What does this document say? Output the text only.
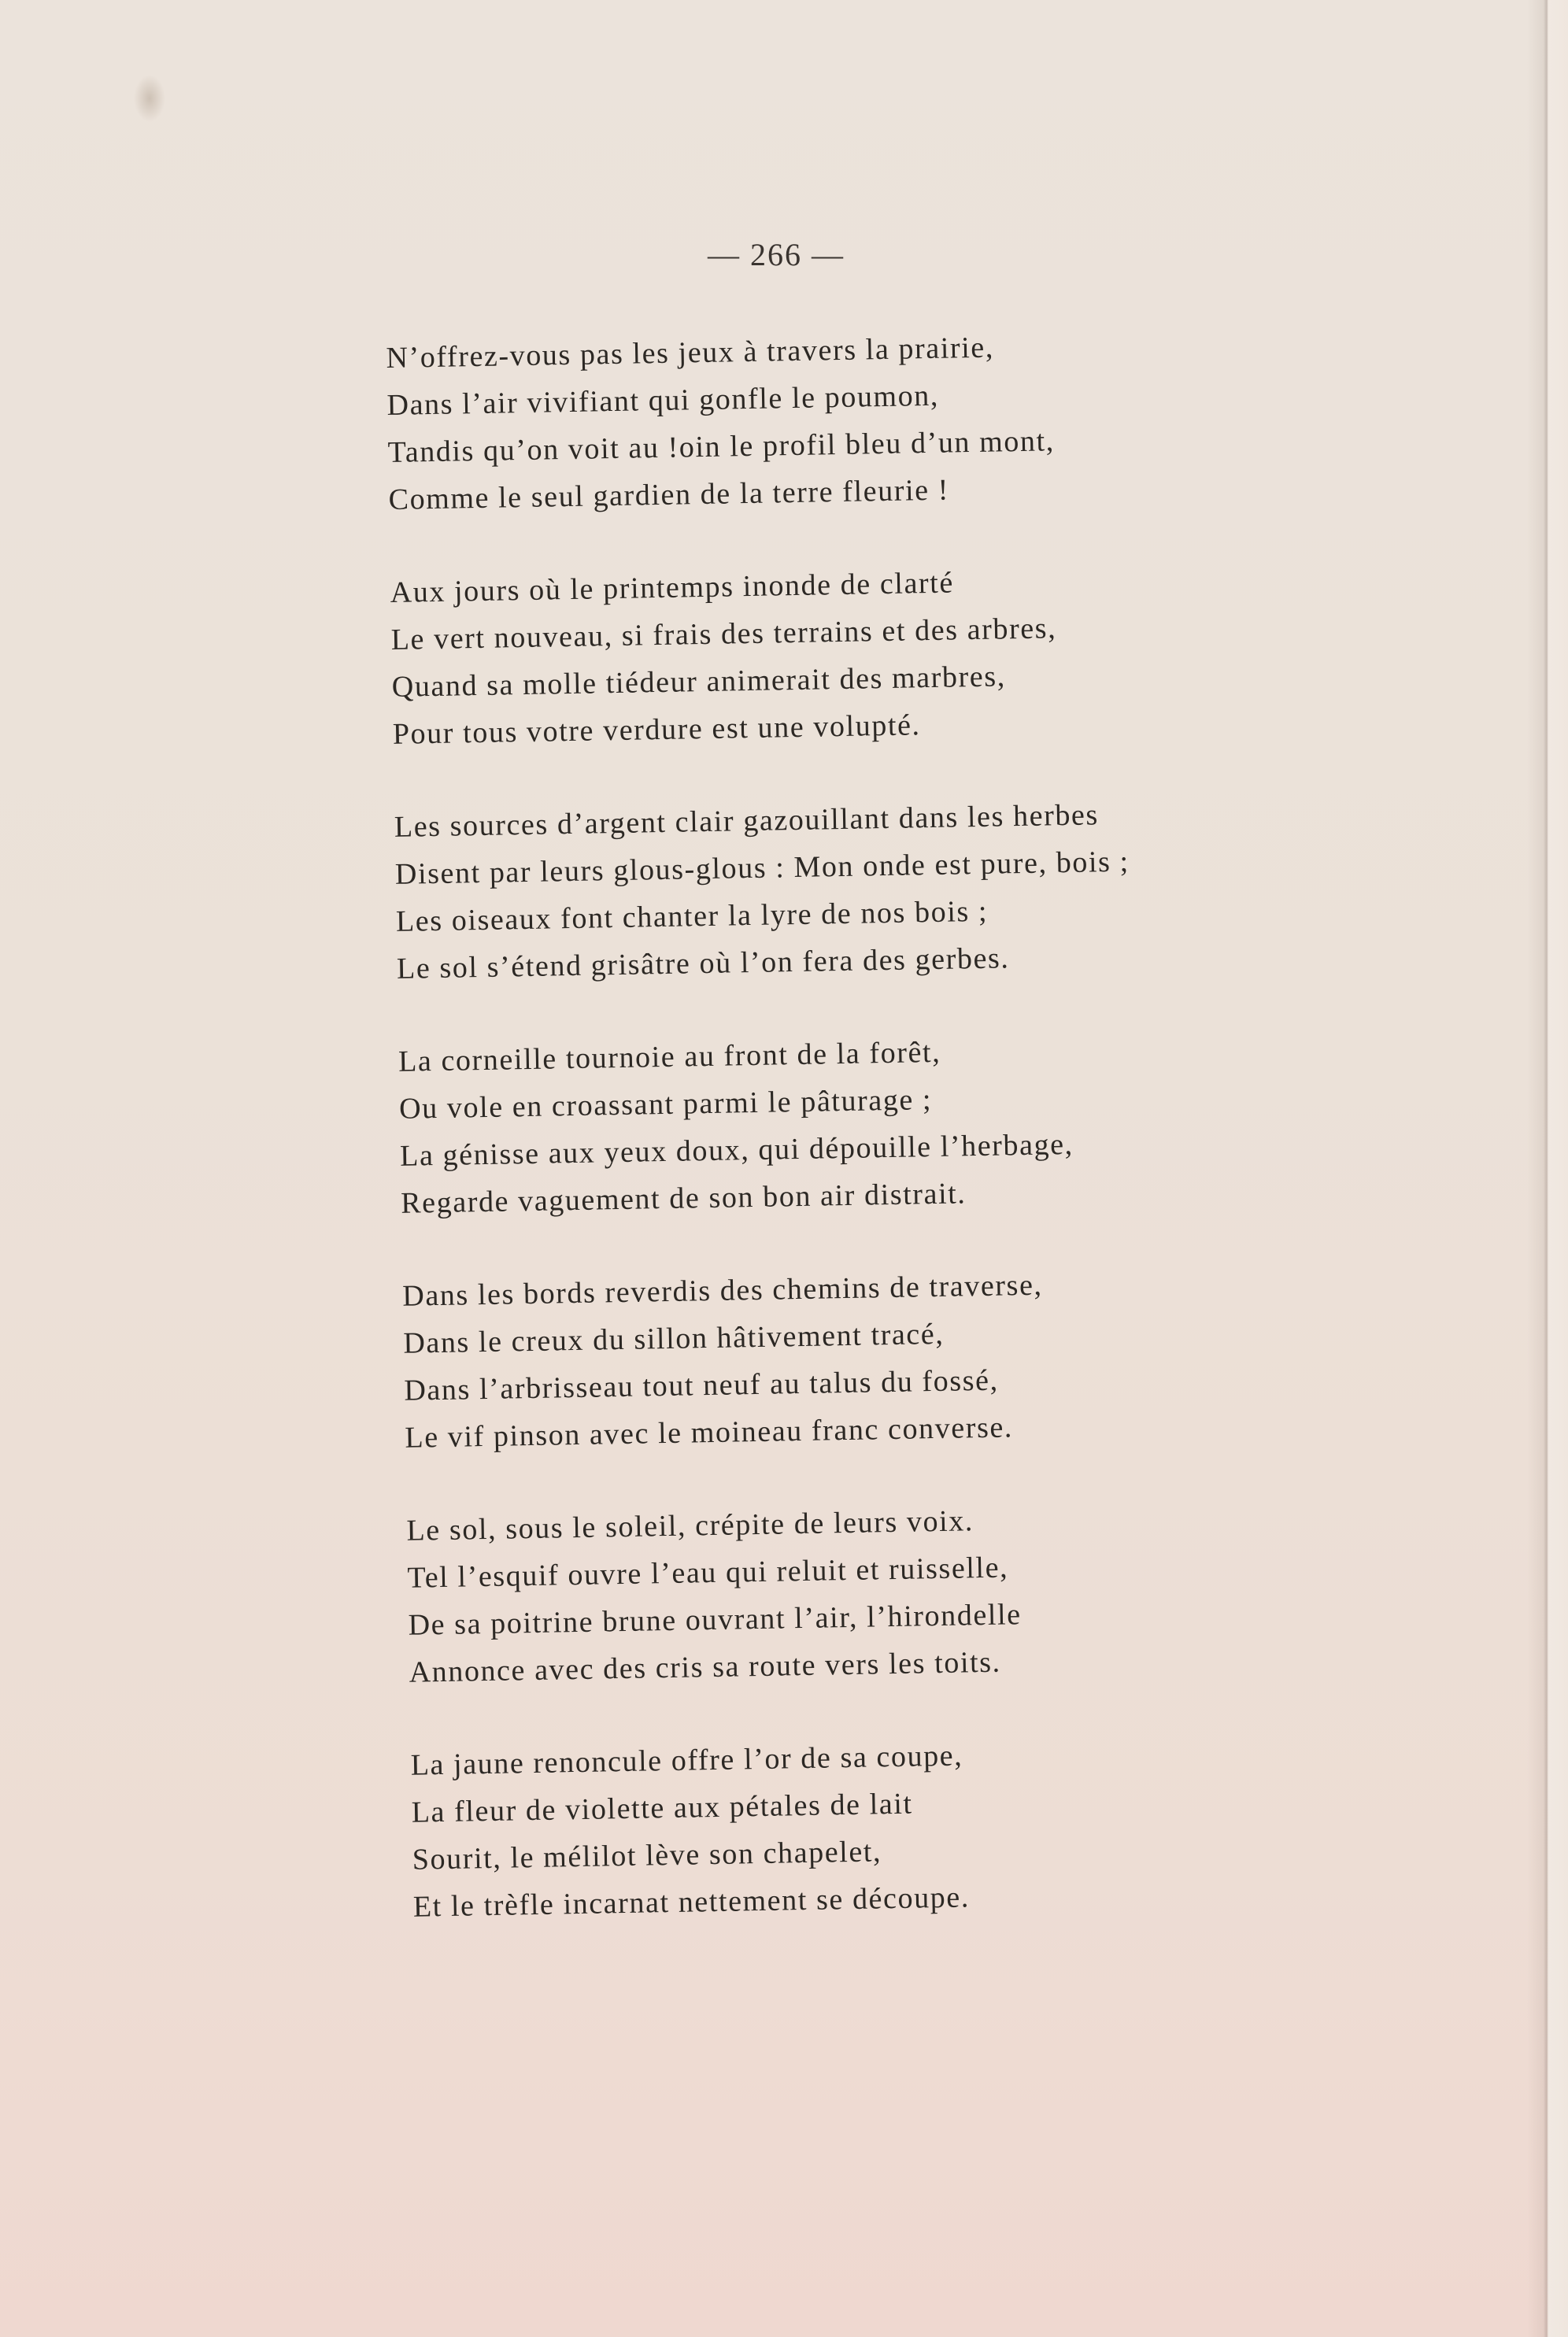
— 266 —
N’offrez-vous pas les jeux à travers la prairie,
Dans l’air vivifiant qui gonfle le poumon,
Tandis qu’on voit au !oin le profil bleu d’un mont,
Comme le seul gardien de la terre fleurie !
Aux jours où le printemps inonde de clarté
Le vert nouveau, si frais des terrains et des arbres,
Quand sa molle tiédeur animerait des marbres,
Pour tous votre verdure est une volupté.
Les sources d’argent clair gazouillant dans les herbes
Disent par leurs glous-glous : Mon onde est pure, bois ;
Les oiseaux font chanter la lyre de nos bois ;
Le sol s’étend grisâtre où l’on fera des gerbes.
La corneille tournoie au front de la forêt,
Ou vole en croassant parmi le pâturage ;
La génisse aux yeux doux, qui dépouille l’herbage,
Regarde vaguement de son bon air distrait.
Dans les bords reverdis des chemins de traverse,
Dans le creux du sillon hâtivement tracé,
Dans l’arbrisseau tout neuf au talus du fossé,
Le vif pinson avec le moineau franc converse.
Le sol, sous le soleil, crépite de leurs voix.
Tel l’esquif ouvre l’eau qui reluit et ruisselle,
De sa poitrine brune ouvrant l’air, l’hirondelle
Annonce avec des cris sa route vers les toits.
La jaune renoncule offre l’or de sa coupe,
La fleur de violette aux pétales de lait
Sourit, le mélilot lève son chapelet,
Et le trèfle incarnat nettement se découpe.
